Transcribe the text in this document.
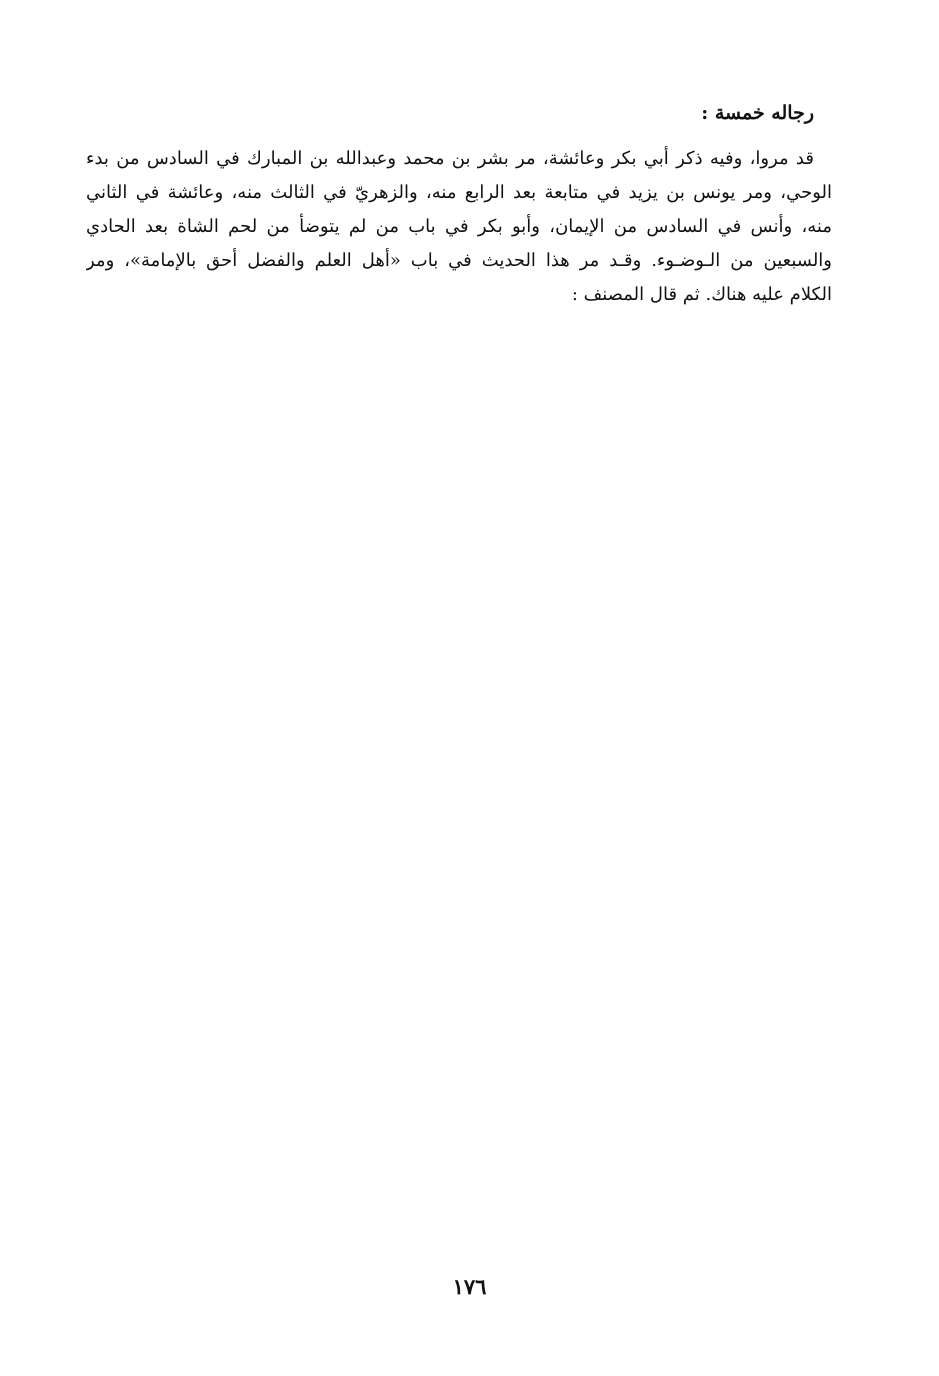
رجاله خمسة :
قد مروا، وفيه ذكر أبي بكر وعائشة، مر بشر بن محمد وعبدالله بن المبارك في السادس من بدء
الوحي، ومر يونس بن يزيد في متابعة بعد الرابع منه، والزهريّ في الثالث منه، وعائشة في الثاني
منه، وأنس في السادس من الإيمان، وأبو بكر في باب من لم يتوضأ من لحم الشاة بعد الحادي
والسبعين من الـوضـوء. وقـد مر هذا الحديث في باب «أهل العلم والفضل أحق بالإمامة»، ومر
الكلام عليه هناك. ثم قال المصنف :
١٧٦
